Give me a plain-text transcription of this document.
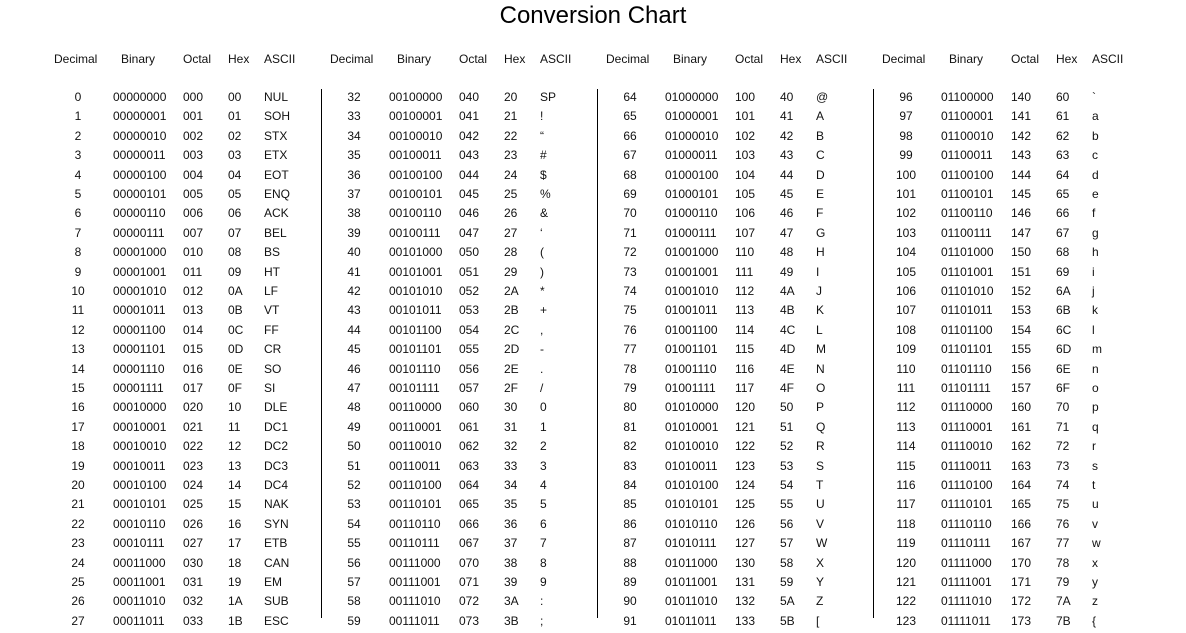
Conversion Chart
Decimal Binary Octal Hex ASCII	Decimal Binary Octal Hex ASCII	Decimal Binary Octal Hex ASCII	Decimal Binary Octal Hex ASCII
0	00000000 000 00 NUL
1	00000001 001 01 SOH
2	00000010 002 02 STX
3	00000011 003 03 ETX
4	00000100 004 04 EOT
5	00000101 005 05 ENQ
6	00000110 006 06 ACK
7	00000111 007 07 BEL
8	00001000 010 08 BS
9	00001001 011 09 HT
10	00001010 012 0A LF
11	00001011 013 0B VT
12	00001100 014 0C FF
13	00001101 015 0D CR
14	00001110 016 0E SO
15	00001111 017 0F SI
16	00010000 020 10 DLE
17	00010001 021 11 DC1
18	00010010 022 12 DC2
19	00010011 023 13 DC3
20	00010100 024 14 DC4
21	00010101 025 15 NAK
22	00010110 026 16 SYN
23	00010111 027 17 ETB
24	00011000 030 18 CAN
25	00011001 031 19 EM
26	00011010 032 1A SUB
27	00011011 033 1B ESC
32	00100000 040 20 SP
33	00100001 041 21 !
34	00100010 042 22 “
35	00100011 043 23 #
36	00100100 044 24 $
37	00100101 045 25 %
38	00100110 046 26 &
39	00100111 047 27 ‘
40	00101000 050 28 (
41	00101001 051 29 )
42	00101010 052 2A *
43	00101011 053 2B +
44	00101100 054 2C ,
45	00101101 055 2D -
46	00101110 056 2E .
47	00101111 057 2F /
48	00110000 060 30 0
49	00110001 061 31 1
50	00110010 062 32 2
51	00110011 063 33 3
52	00110100 064 34 4
53	00110101 065 35 5
54	00110110 066 36 6
55	00110111 067 37 7
56	00111000 070 38 8
57	00111001 071 39 9
58	00111010 072 3A :
59	00111011 073 3B ;
64	01000000 100 40 @
65	01000001 101 41 A
66	01000010 102 42 B
67	01000011 103 43 C
68	01000100 104 44 D
69	01000101 105 45 E
70	01000110 106 46 F
71	01000111 107 47 G
72	01001000 110 48 H
73	01001001 111 49 I
74	01001010 112 4A J
75	01001011 113 4B K
76	01001100 114 4C L
77	01001101 115 4D M
78	01001110 116 4E N
79	01001111 117 4F O
80	01010000 120 50 P
81	01010001 121 51 Q
82	01010010 122 52 R
83	01010011 123 53 S
84	01010100 124 54 T
85	01010101 125 55 U
86	01010110 126 56 V
87	01010111 127 57 W
88	01011000 130 58 X
89	01011001 131 59 Y
90	01011010 132 5A Z
91	01011011 133 5B [
96	01100000 140 60 `
97	01100001 141 61 a
98	01100010 142 62 b
99	01100011 143 63 c
100	01100100 144 64 d
101	01100101 145 65 e
102	01100110 146 66 f
103	01100111 147 67 g
104	01101000 150 68 h
105	01101001 151 69 i
106	01101010 152 6A j
107	01101011 153 6B k
108	01101100 154 6C l
109	01101101 155 6D m
110	01101110 156 6E n
111	01101111 157 6F o
112	01110000 160 70 p
113	01110001 161 71 q
114	01110010 162 72 r
115	01110011 163 73 s
116	01110100 164 74 t
117	01110101 165 75 u
118	01110110 166 76 v
119	01110111 167 77 w
120	01111000 170 78 x
121	01111001 171 79 y
122	01111010 172 7A z
123	01111011 173 7B {
